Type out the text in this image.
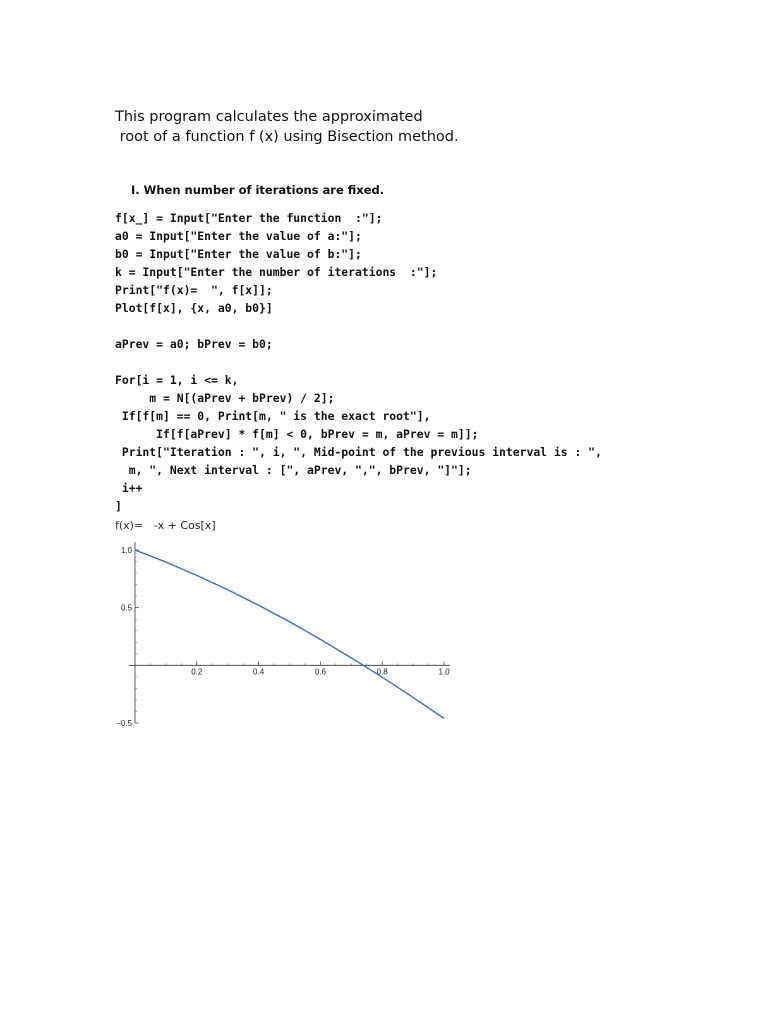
This program calculates the approximated
root of a function f (x) using Bisection method.
I. When number of iterations are fixed.
f[x_] = Input["Enter the function  :"];
a0 = Input["Enter the value of a:"];
b0 = Input["Enter the value of b:"];
k = Input["Enter the number of iterations  :"];
Print["f(x)=  ", f[x]];
Plot[f[x], {x, a0, b0}]
aPrev = a0; bPrev = b0;
For[i = 1, i <= k,
m = N[(aPrev + bPrev) / 2];
If[f[m] == 0, Print[m, " is the exact root"],
If[f[aPrev] * f[m] < 0, bPrev = m, aPrev = m]];
Print["Iteration : ", i, ", Mid-point of the previous interval is : ",
m, ", Next interval : [", aPrev, ",", bPrev, "]"];
i++
]
f(x)= -x + Cos[x]
0.2	0.4	0.6	0.8	1.0
1.0
0.5
−0.5
